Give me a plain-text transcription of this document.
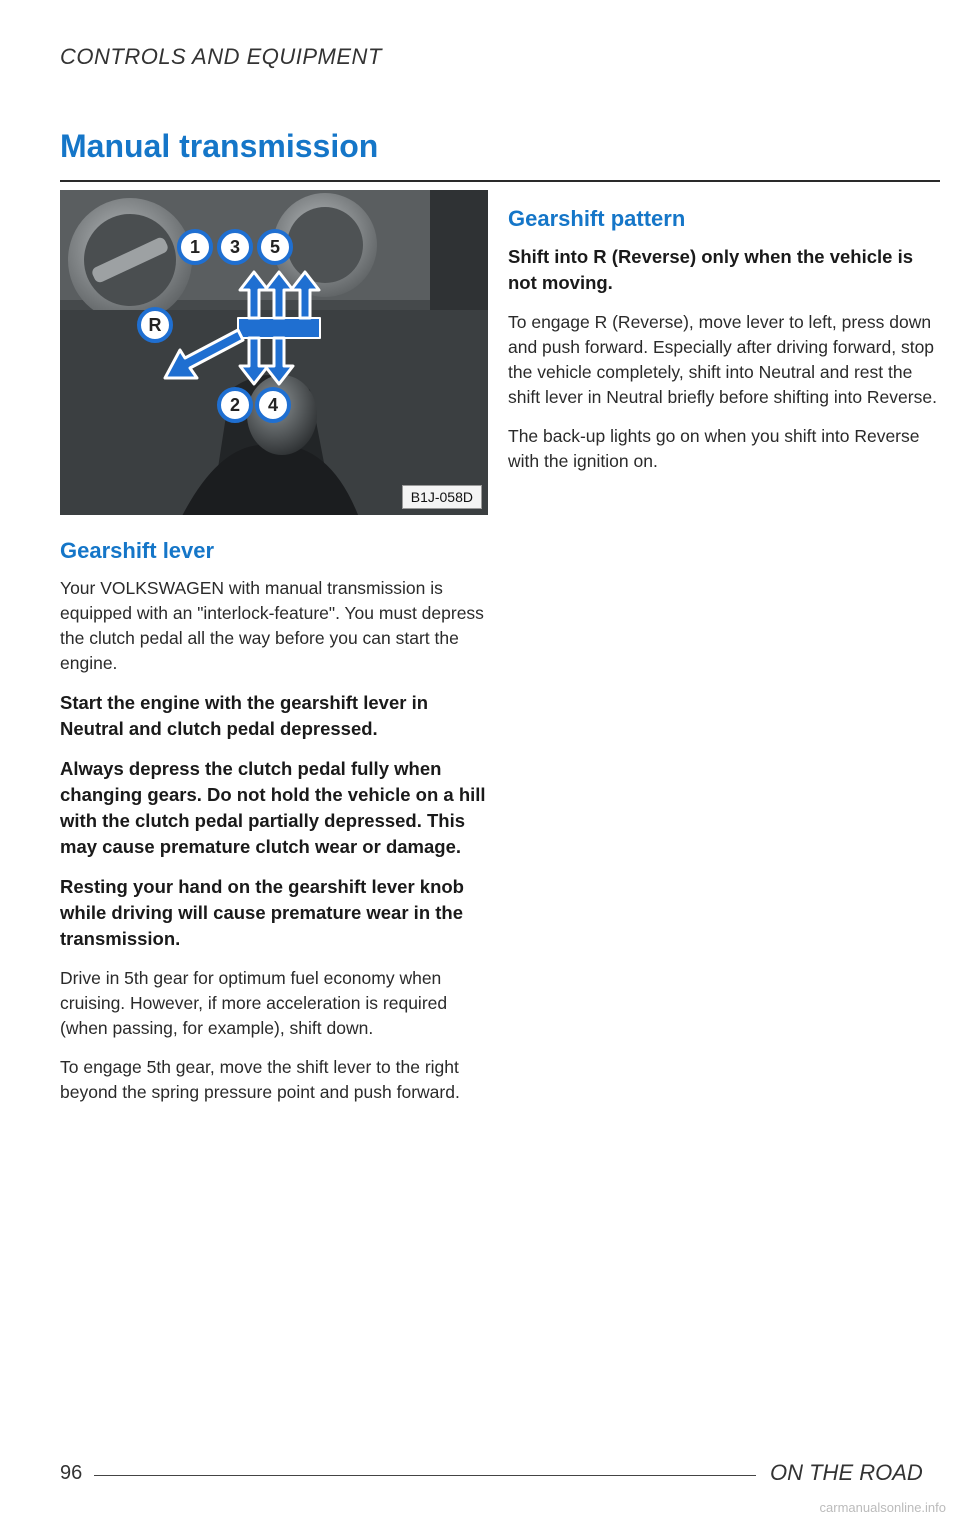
CONTROLS AND EQUIPMENT
Manual transmission
1 3 5
2 4
R
B1J-058D
Gearshift lever

Your VOLKSWAGEN with manual transmission is equipped with an "interlock-feature". You must depress the clutch pedal all the way before you can start the engine.

Start the engine with the gearshift lever in Neutral and clutch pedal depressed.

Always depress the clutch pedal fully when changing gears. Do not hold the vehicle on a hill with the clutch pedal partially depressed. This may cause premature clutch wear or damage.

Resting your hand on the gearshift lever knob while driving will cause premature wear in the transmission.

Drive in 5th gear for optimum fuel economy when cruising. However, if more acceleration is required (when passing, for example), shift down.

To engage 5th gear, move the shift lever to the right beyond the spring pressure point and push forward.

Gearshift pattern

Shift into R (Reverse) only when the vehicle is not moving.

To engage R (Reverse), move lever to left, press down and push forward. Especially after driving forward, stop the vehicle completely, shift into Neutral and rest the shift lever in Neutral briefly before shifting into Reverse.

The back-up lights go on when you shift into Reverse with the ignition on.

96	ON THE ROAD
carmanualsonline.info
